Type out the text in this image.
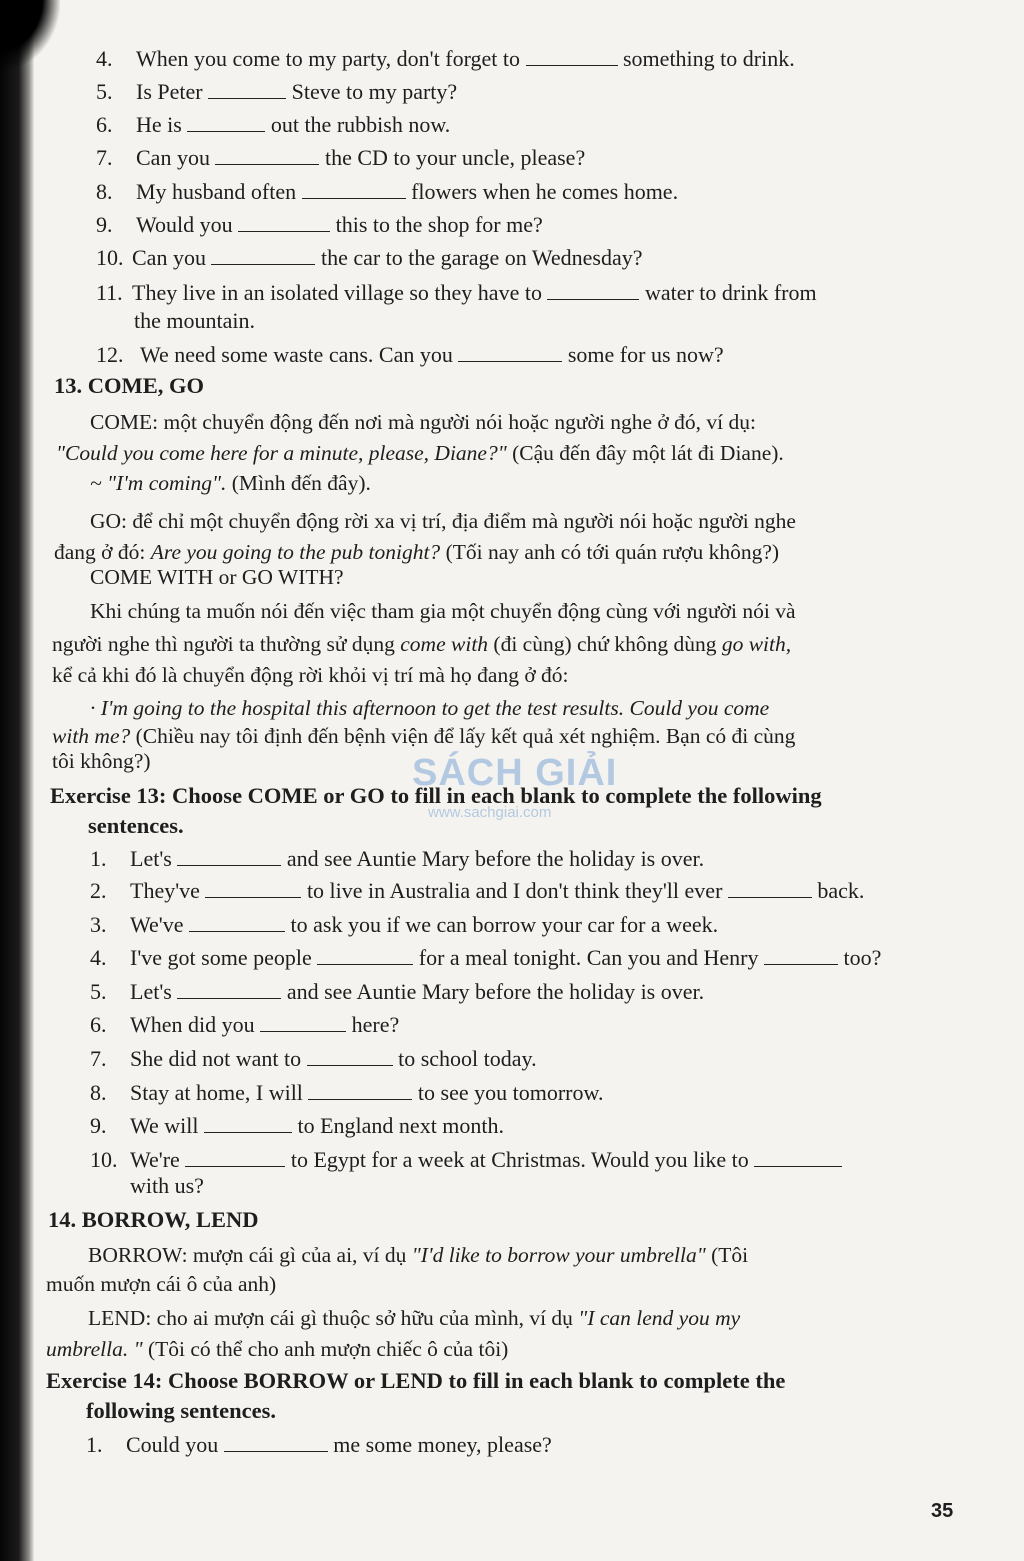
4. When you come to my party, don't forget to	something to drink.
5. Is Peter	Steve to my party?
6. He is	out the rubbish now.
7. Can you	the CD to your uncle, please?
8. My husband often	flowers when he comes home.
9. Would you	this to the shop for me?
10. Can you	the car to the garage on Wednesday?
11. They live in an isolated village so they have to	water to drink from
the mountain.
12. We need some waste cans. Can you	some for us now?
13. COME, GO
COME: một chuyển động đến nơi mà người nói hoặc người nghe ở đó, ví dụ:
"Could you come here for a minute, please, Diane?" (Cậu đến đây một lát đi Diane).
~ "I'm coming". (Mình đến đây).
GO: để chỉ một chuyển động rời xa vị trí, địa điểm mà người nói hoặc người nghe
đang ở đó: Are you going to the pub tonight? (Tối nay anh có tới quán rượu không?)
COME WITH or GO WITH?
Khi chúng ta muốn nói đến việc tham gia một chuyển động cùng với người nói và
người nghe thì người ta thường sử dụng come with (đi cùng) chứ không dùng go with,
kể cả khi đó là chuyển động rời khỏi vị trí mà họ đang ở đó:
· I'm going to the hospital this afternoon to get the test results. Could you come
with me? (Chiều nay tôi định đến bệnh viện để lấy kết quả xét nghiệm. Bạn có đi cùng
tôi không?)
Exercise 13: Choose COME or GO to fill in each blank to complete the following
sentences.
1. Let's	and see Auntie Mary before the holiday is over.
2. They've	to live in Australia and I don't think they'll ever	back.
3. We've	to ask you if we can borrow your car for a week.
4. I've got some people	for a meal tonight. Can you and Henry	too?
5. Let's	and see Auntie Mary before the holiday is over.
6. When did you	here?
7. She did not want to	to school today.
8. Stay at home, I will	to see you tomorrow.
9. We will	to England next month.
10. We're	to Egypt for a week at Christmas. Would you like to
with us?
14. BORROW, LEND
BORROW: mượn cái gì của ai, ví dụ "I'd like to borrow your umbrella" (Tôi
muốn mượn cái ô của anh)
LEND: cho ai mượn cái gì thuộc sở hữu của mình, ví dụ "I can lend you my
umbrella. " (Tôi có thể cho anh mượn chiếc ô của tôi)
Exercise 14: Choose BORROW or LEND to fill in each blank to complete the
following sentences.
1. Could you	me some money, please?
SÁCH GIẢI
www.sachgiai.com
35
